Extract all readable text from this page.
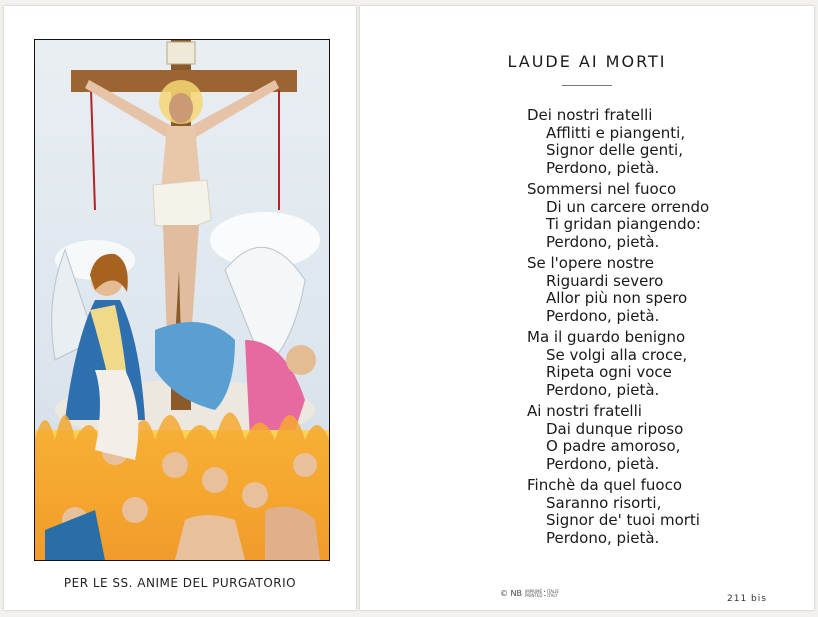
PER LE SS. ANIME DEL PURGATORIO
LAUDE AI MORTI
Dei nostri fratelli
Afflitti e piangenti,
Signor delle genti,
Perdono, pietà.
Sommersi nel fuoco
Di un carcere orrendo
Ti gridan piangendo:
Perdono, pietà.
Se l'opere nostre
Riguardi severo
Allor più non spero
Perdono, pietà.
Ma il guardo benigno
Se volgi alla croce,
Ripeta ogni voce
Perdono, pietà.
Ai nostri fratelli
Dai dunque riposo
O padre amoroso,
Perdono, pietà.
Finchè da quel fuoco
Saranno risorti,
Signor de' tuoi morti
Perdono, pietà.
© NB IMPRIMÉ • ITALIE
PRINTED • ITALY	211 bis
